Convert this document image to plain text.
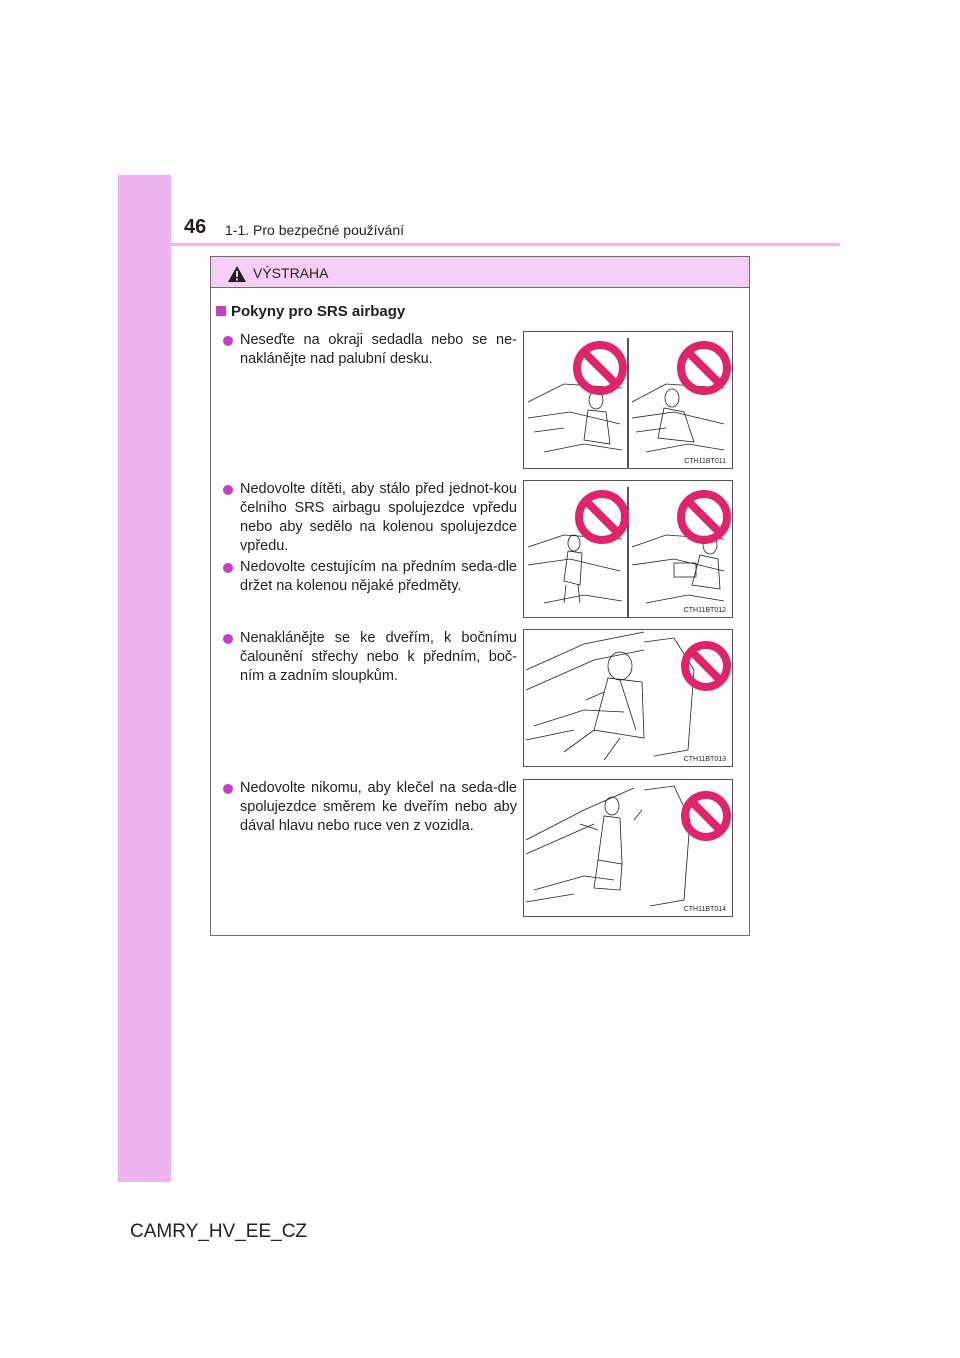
46 1-1. Pro bezpečné používání
VÝSTRAHA
Pokyny pro SRS airbagy
Neseďte na okraji sedadla nebo se ne-naklánějte nad palubní desku.
Nedovolte dítěti, aby stálo před jednot-kou čelního SRS airbagu spolujezdce vpředu nebo aby sedělo na kolenou spolujezdce vpředu.
Nedovolte cestujícím na předním seda-dle držet na kolenou nějaké předměty.
Nenaklánějte se ke dveřím, k bočnímu čalounění střechy nebo k předním, boč-ním a zadním sloupkům.
Nedovolte nikomu, aby klečel na seda-dle spolujezdce směrem ke dveřím nebo aby dával hlavu nebo ruce ven z vozidla.
CTH11BT011
CTH11BT012
CTH11BT013
CTH11BT014
CAMRY_HV_EE_CZ
